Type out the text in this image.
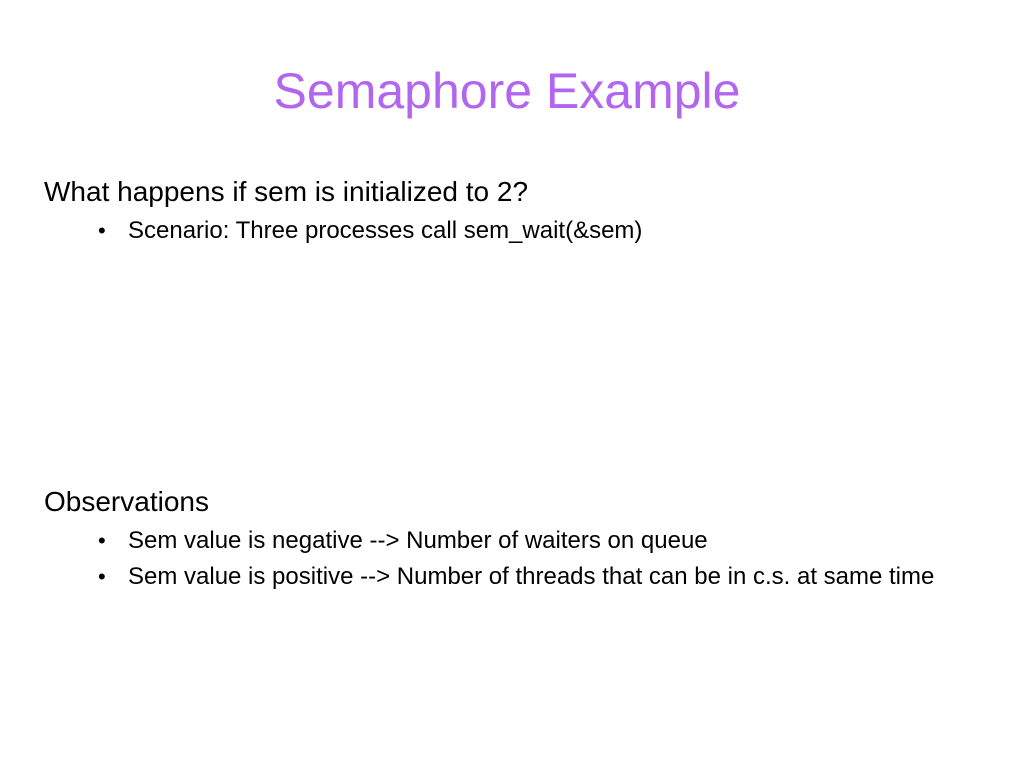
Semaphore Example
What happens if sem is initialized to 2?
• Scenario: Three processes call sem_wait(&sem)
Observations
• Sem value is negative --> Number of waiters on queue
• Sem value is positive --> Number of threads that can be in c.s. at same time
